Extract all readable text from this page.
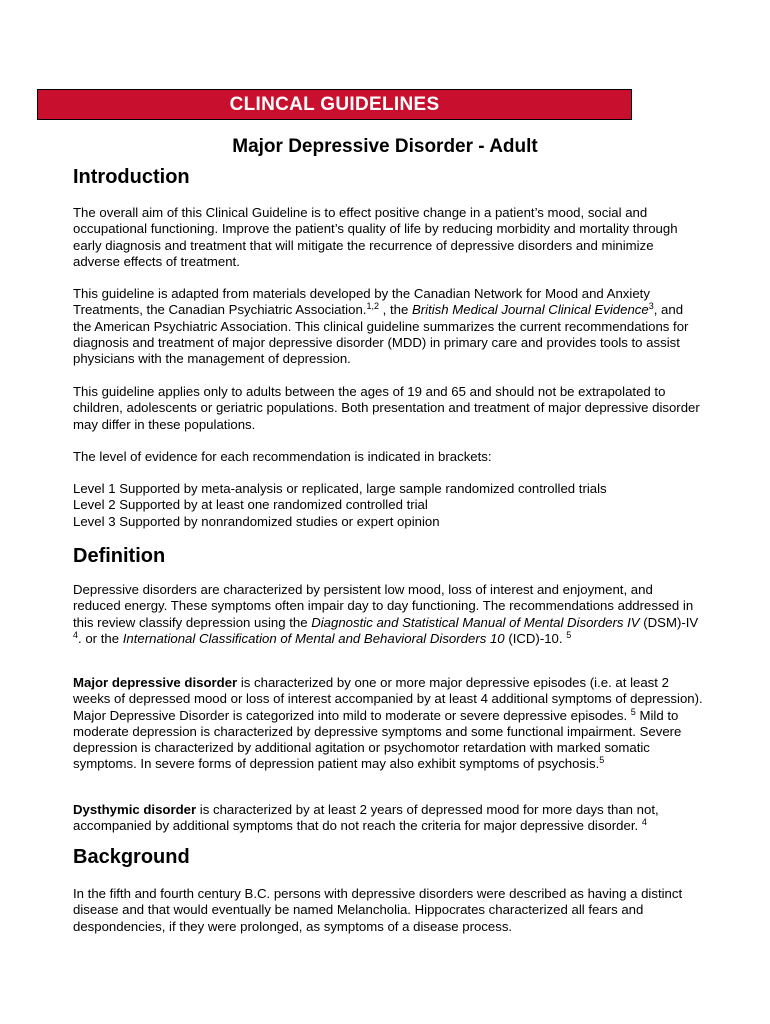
CLINCAL GUIDELINES
Major Depressive Disorder - Adult
Introduction

The overall aim of this Clinical Guideline is to effect positive change in a patient’s mood, social and occupational functioning. Improve the patient’s quality of life by reducing morbidity and mortality through early diagnosis and treatment that will mitigate the recurrence of depressive disorders and minimize adverse effects of treatment.

This guideline is adapted from materials developed by the Canadian Network for Mood and Anxiety Treatments, the Canadian Psychiatric Association.$^{1,2}$ , the British Medical Journal Clinical Evidence$^3$, and the American Psychiatric Association. This clinical guideline summarizes the current recommendations for diagnosis and treatment of major depressive disorder (MDD) in primary care and provides tools to assist physicians with the management of depression.

This guideline applies only to adults between the ages of 19 and 65 and should not be extrapolated to children, adolescents or geriatric populations. Both presentation and treatment of major depressive disorder may differ in these populations.

The level of evidence for each recommendation is indicated in brackets:

Level 1 Supported by meta-analysis or replicated, large sample randomized controlled trials
Level 2 Supported by at least one randomized controlled trial
Level 3 Supported by nonrandomized studies or expert opinion

Definition

Depressive disorders are characterized by persistent low mood, loss of interest and enjoyment, and reduced energy. These symptoms often impair day to day functioning. The recommendations addressed in this review classify depression using the Diagnostic and Statistical Manual of Mental Disorders IV (DSM)-IV $^4$. or the International Classification of Mental and Behavioral Disorders 10 (ICD)-10. $^5$

Major depressive disorder is characterized by one or more major depressive episodes (i.e. at least 2 weeks of depressed mood or loss of interest accompanied by at least 4 additional symptoms of depression). Major Depressive Disorder is categorized into mild to moderate or severe depressive episodes. $^5$ Mild to moderate depression is characterized by depressive symptoms and some functional impairment. Severe depression is characterized by additional agitation or psychomotor retardation with marked somatic symptoms. In severe forms of depression patient may also exhibit symptoms of psychosis.$^5$

Dysthymic disorder is characterized by at least 2 years of depressed mood for more days than not, accompanied by additional symptoms that do not reach the criteria for major depressive disorder. $^4$

Background

In the fifth and fourth century B.C. persons with depressive disorders were described as having a distinct disease and that would eventually be named Melancholia. Hippocrates characterized all fears and despondencies, if they were prolonged, as symptoms of a disease process.
